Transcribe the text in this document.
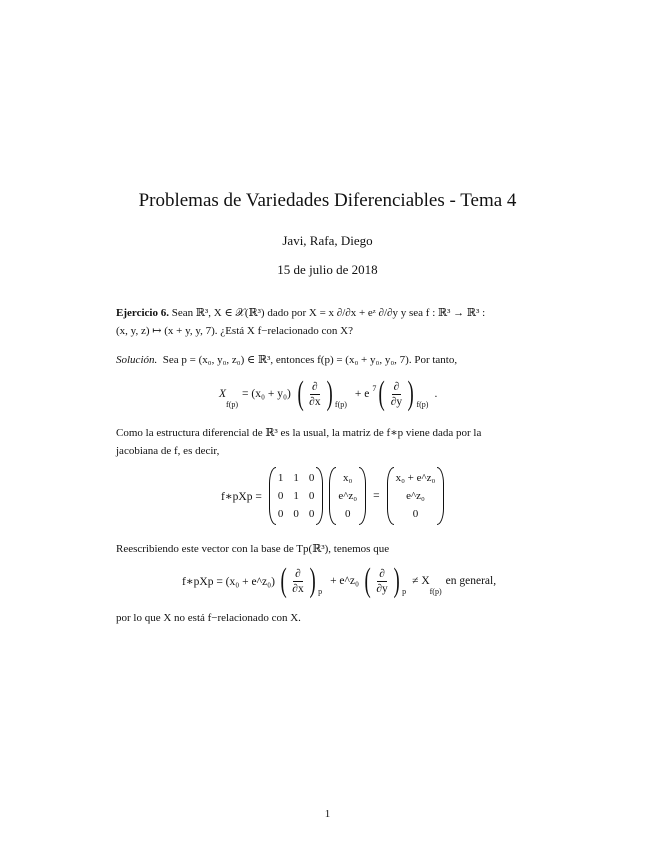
Problemas de Variedades Diferenciables - Tema 4
Javi, Rafa, Diego
15 de julio de 2018
Ejercicio 6. Sean ℝ³, X ∈ 𝒳(ℝ³) dado por X = x ∂/∂x + eᶻ ∂/∂y y sea f : ℝ³ → ℝ³ :
(x, y, z) ↦ (x + y, y, 7). ¿Está X f−relacionado con X?
Solución. Sea p = (x₀, y₀, z₀) ∈ ℝ³, entonces f(p) = (x₀ + y₀, y₀, 7). Por tanto,
X
f(p)
= (x₀ + y₀) ( $\frac{\partial}{\partial x}$ ) f(p)
+ e 7 ( $\frac{\partial}{\partial y}$ ) f(p)
.
Como la estructura diferencial de ℝ³ es la usual, la matriz de f∗p viene dada por la
jacobiana de f, es decir,
f∗pXp =
1 1 0
0 1 0
0 0 0
x₀
e^z₀
0
=
x₀ + e^z₀
e^z₀
0
Reescribiendo este vector con la base de Tp(ℝ³), tenemos que
f∗pXp = (x₀ + e^z₀) ( $\frac{\partial}{\partial x}$ ) p
+ e^z₀ ( $\frac{\partial}{\partial y}$ ) p
≠ X
f(p)
en general,
por lo que X no está f−relacionado con X.
1
